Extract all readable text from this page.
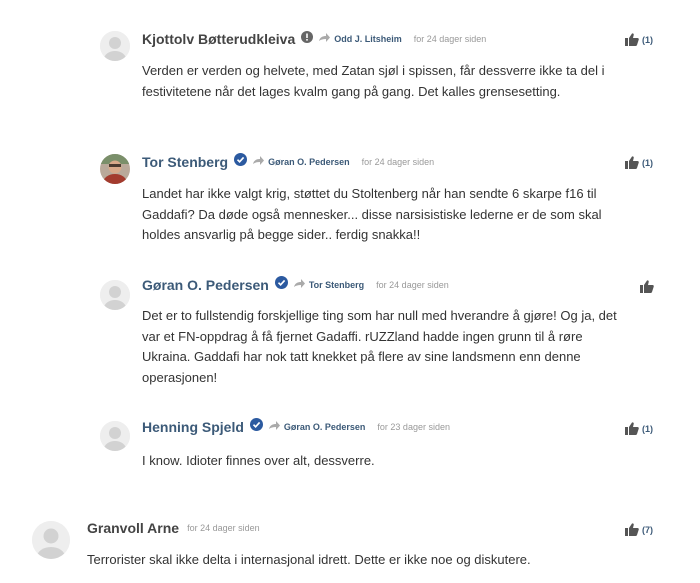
Kjottolv Bøtterudkleiva	Odd J. Litsheim for 24 dager siden	(1)
Verden er verden og helvete, med Zatan sjøl i spissen, får dessverre ikke ta del i festivitetene når det lages kvalm gang på gang. Det kalles grensesetting.
Tor Stenberg	Gøran O. Pedersen for 24 dager siden	(1)
Landet har ikke valgt krig, støttet du Stoltenberg når han sendte 6 skarpe f16 til Gaddafi? Da døde også mennesker... disse narsisistiske lederne er de som skal holdes ansvarlig på begge sider.. ferdig snakka!!
Gøran O. Pedersen	Tor Stenberg for 24 dager siden
Det er to fullstendig forskjellige ting som har null med hverandre å gjøre! Og ja, det var et FN-oppdrag å få fjernet Gadaffi. rUZZland hadde ingen grunn til å røre Ukraina. Gaddafi har nok tatt knekket på flere av sine landsmenn enn denne operasjonen!
Henning Spjeld	Gøran O. Pedersen for 23 dager siden	(1)
I know. Idioter finnes over alt, dessverre.
Granvoll Arne for 24 dager siden	(7)
Terrorister skal ikke delta i internasjonal idrett. Dette er ikke noe og diskutere.
